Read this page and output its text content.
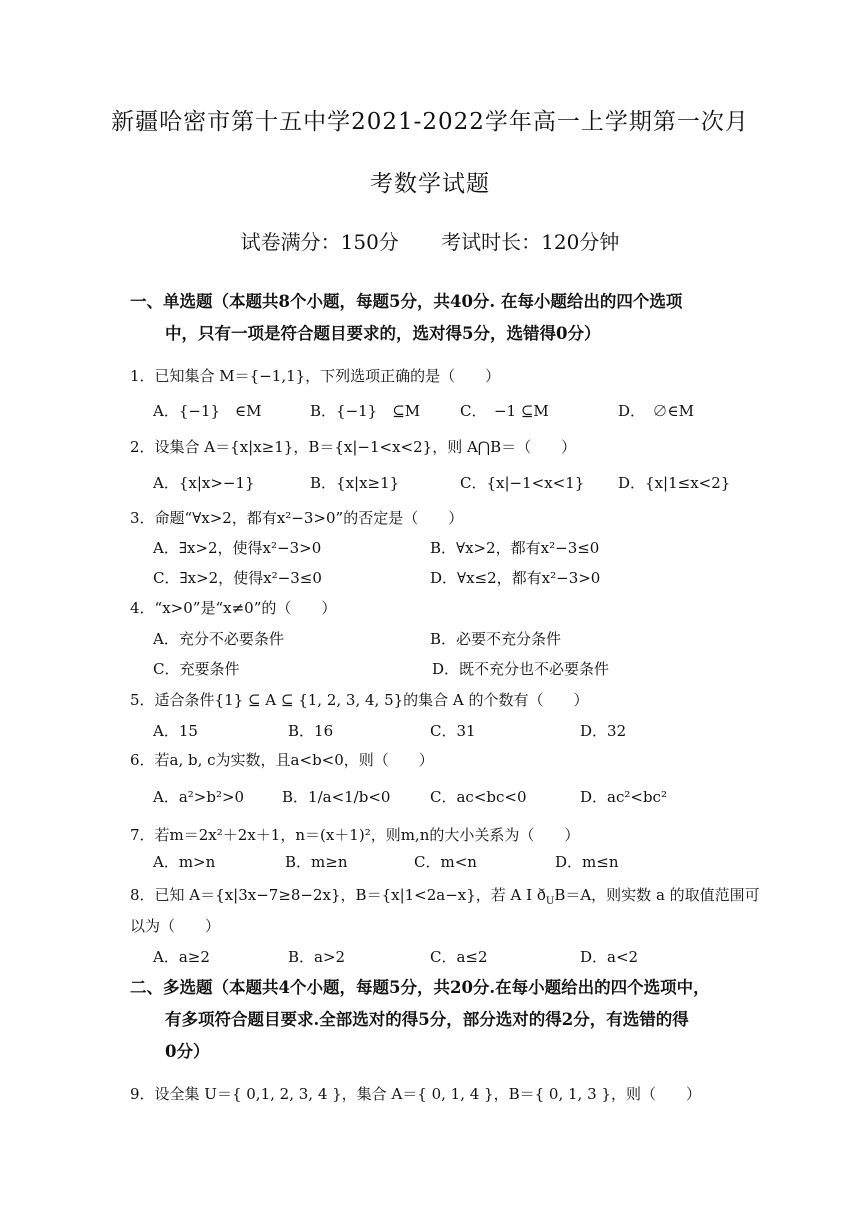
新疆哈密市第十五中学2021-2022学年高一上学期第一次月
考数学试题
试卷满分：150分 考试时长：120分钟
一、单选题（本题共8个小题，每题5分，共40分. 在每小题给出的四个选项
中，只有一项是符合题目要求的，选对得5分，选错得0分）
1．已知集合 M＝{−1,1}，下列选项正确的是（　　）
A．{−1}　∈M	B．{−1}　⊆M	C．　−1 ⊆M	D．　∅∈M
2．设集合 A＝{x|x≥1}，B＝{x|−1<x<2}，则 A⋂B＝（　　）
A．{x|x>−1}	B．{x|x≥1}	C．{x|−1<x<1} D．{x|1≤x<2}
3．命题“∀x>2，都有x²−3>0”的否定是（　　）
A．∃x>2，使得x²−3>0	B．∀x>2，都有x²−3≤0
C．∃x>2，使得x²−3≤0	D．∀x≤2，都有x²−3>0
4．“x>0”是“x≠0”的（　　）
A．充分不必要条件	B．必要不充分条件
C．充要条件	D．既不充分也不必要条件
5．适合条件{1} ⊆ A ⊆ {1, 2, 3, 4, 5}的集合 A 的个数有（　　）
A．15	B．16	C．31	D．32
6．若a, b, c为实数，且a<b<0，则（　　）
A．a²>b²>0	B．1/a<1/b<0	C．ac<bc<0	D．ac²<bc²
7．若m＝2x²＋2x＋1，n＝(x＋1)²，则m,n的大小关系为（　　）
A．m>n	B．m≥n	C．m<n	D．m≤n
8．已知 A＝{x|3x−7≥8−2x}，B＝{x|1<2a−x}，若 A I $ð_UB=A$，则实数 a 的取值范围可
以为（　　）
A．a≥2	B．a>2	C．a≤2	D．a<2
二、多选题（本题共4个小题，每题5分，共20分.在每小题给出的四个选项中，
有多项符合题目要求.全部选对的得5分，部分选对的得2分，有选错的得
0分）
9．设全集 U＝{ 0,1, 2, 3, 4 }，集合 A＝{ 0, 1, 4 }，B＝{ 0, 1, 3 }，则（　　）
